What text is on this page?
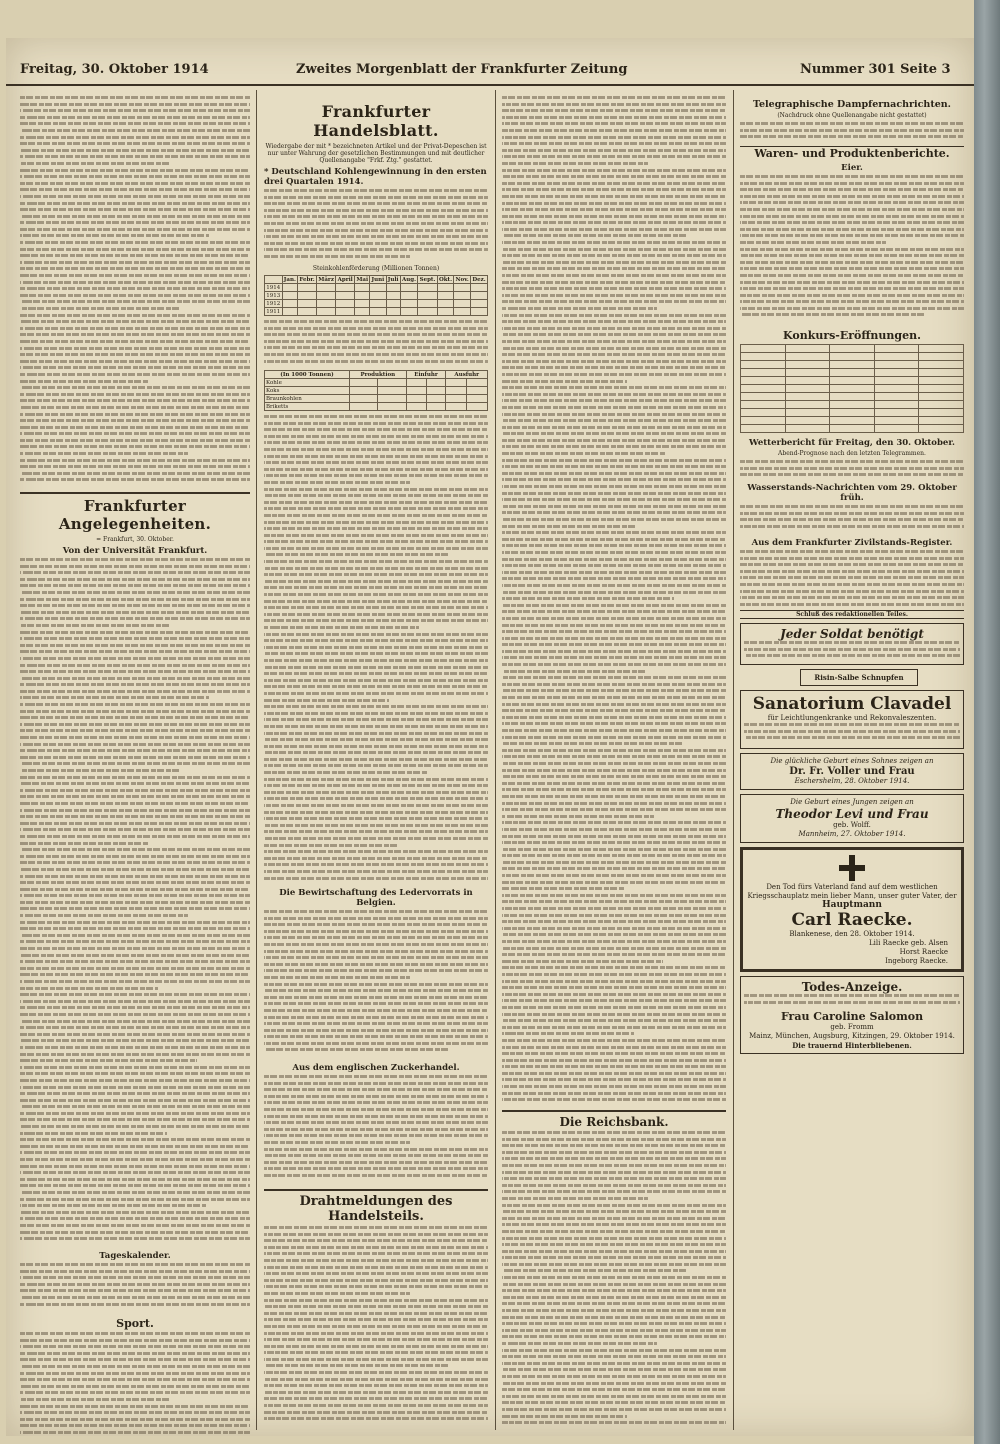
Freitag, 30. Oktober 1914	Zweites Morgenblatt der Frankfurter Zeitung	Nummer 301 Seite 3
Frankfurter Angelegenheiten.
= Frankfurt, 30. Oktober.
Von der Universität Frankfurt.
Tageskalender.
Sport.
Frankfurter Handelsblatt.
Wiedergabe der mit * bezeichneten Artikel und der Privat-Depeschen ist nur unter Wahrung der gesetzlichen Bestimmungen und mit deutlicher Quellenangabe "Frkf. Ztg." gestattet.
* Deutschland Kohlengewinnung in den ersten drei Quartalen 1914.
Steinkohlenförderung (Millionen Tonnen)
	Jan.	Febr.	März	April	Mai	Juni	Juli	Aug.	Sept.	Okt.	Nov.	Dez.
1914												
1913												
1912												
1911												
(In 1000 Tonnen)	Produktion		Einfuhr		Ausfuhr	
Kohle						
Koks						
Braunkohlen						
Briketts						
Die Bewirtschaftung des Ledervorrats in Belgien.
Aus dem englischen Zuckerhandel.
Drahtmeldungen des Handelsteils.
Die Reichsbank.
Telegraphische Dampfernachrichten.
(Nachdruck ohne Quellenangabe nicht gestattet)
Waren- und Produktenberichte.
Eier.
Konkurs-Eröffnungen.

Wetterbericht für Freitag, den 30. Oktober.
Abend-Prognose nach den letzten Telegrammen.
Wasserstands-Nachrichten vom 29. Oktober früh.
Aus dem Frankfurter Zivilstands-Register.
Schluß des redaktionellen Teiles.
Jeder Soldat benötigt
Risin-Salbe Schnupfen
Sanatorium Clavadel
für Leichtlungenkranke und Rekonvaleszenten.
Die glückliche Geburt eines Sohnes zeigen an
Dr. Fr. Voller und Frau
Eschershelm, 28. Oktober 1914.
Die Geburt eines Jungen zeigen an
Theodor Levi und Frau
geb. Wolff.
Mannheim, 27. Oktober 1914.
Den Tod fürs Vaterland fand auf dem westlichen Kriegsschauplatz mein lieber Mann, unser guter Vater, der
Hauptmann
Carl Raecke.
Blankenese, den 28. Oktober 1914.
Lili Raecke geb. Alsen
Horst Raecke
Ingeborg Raecke.
Todes-Anzeige.
Frau Caroline Salomon
geb. Fromm
Mainz, München, Augsburg, Kitzingen, 29. Oktober 1914.
Die trauernd Hinterbliebenen.
